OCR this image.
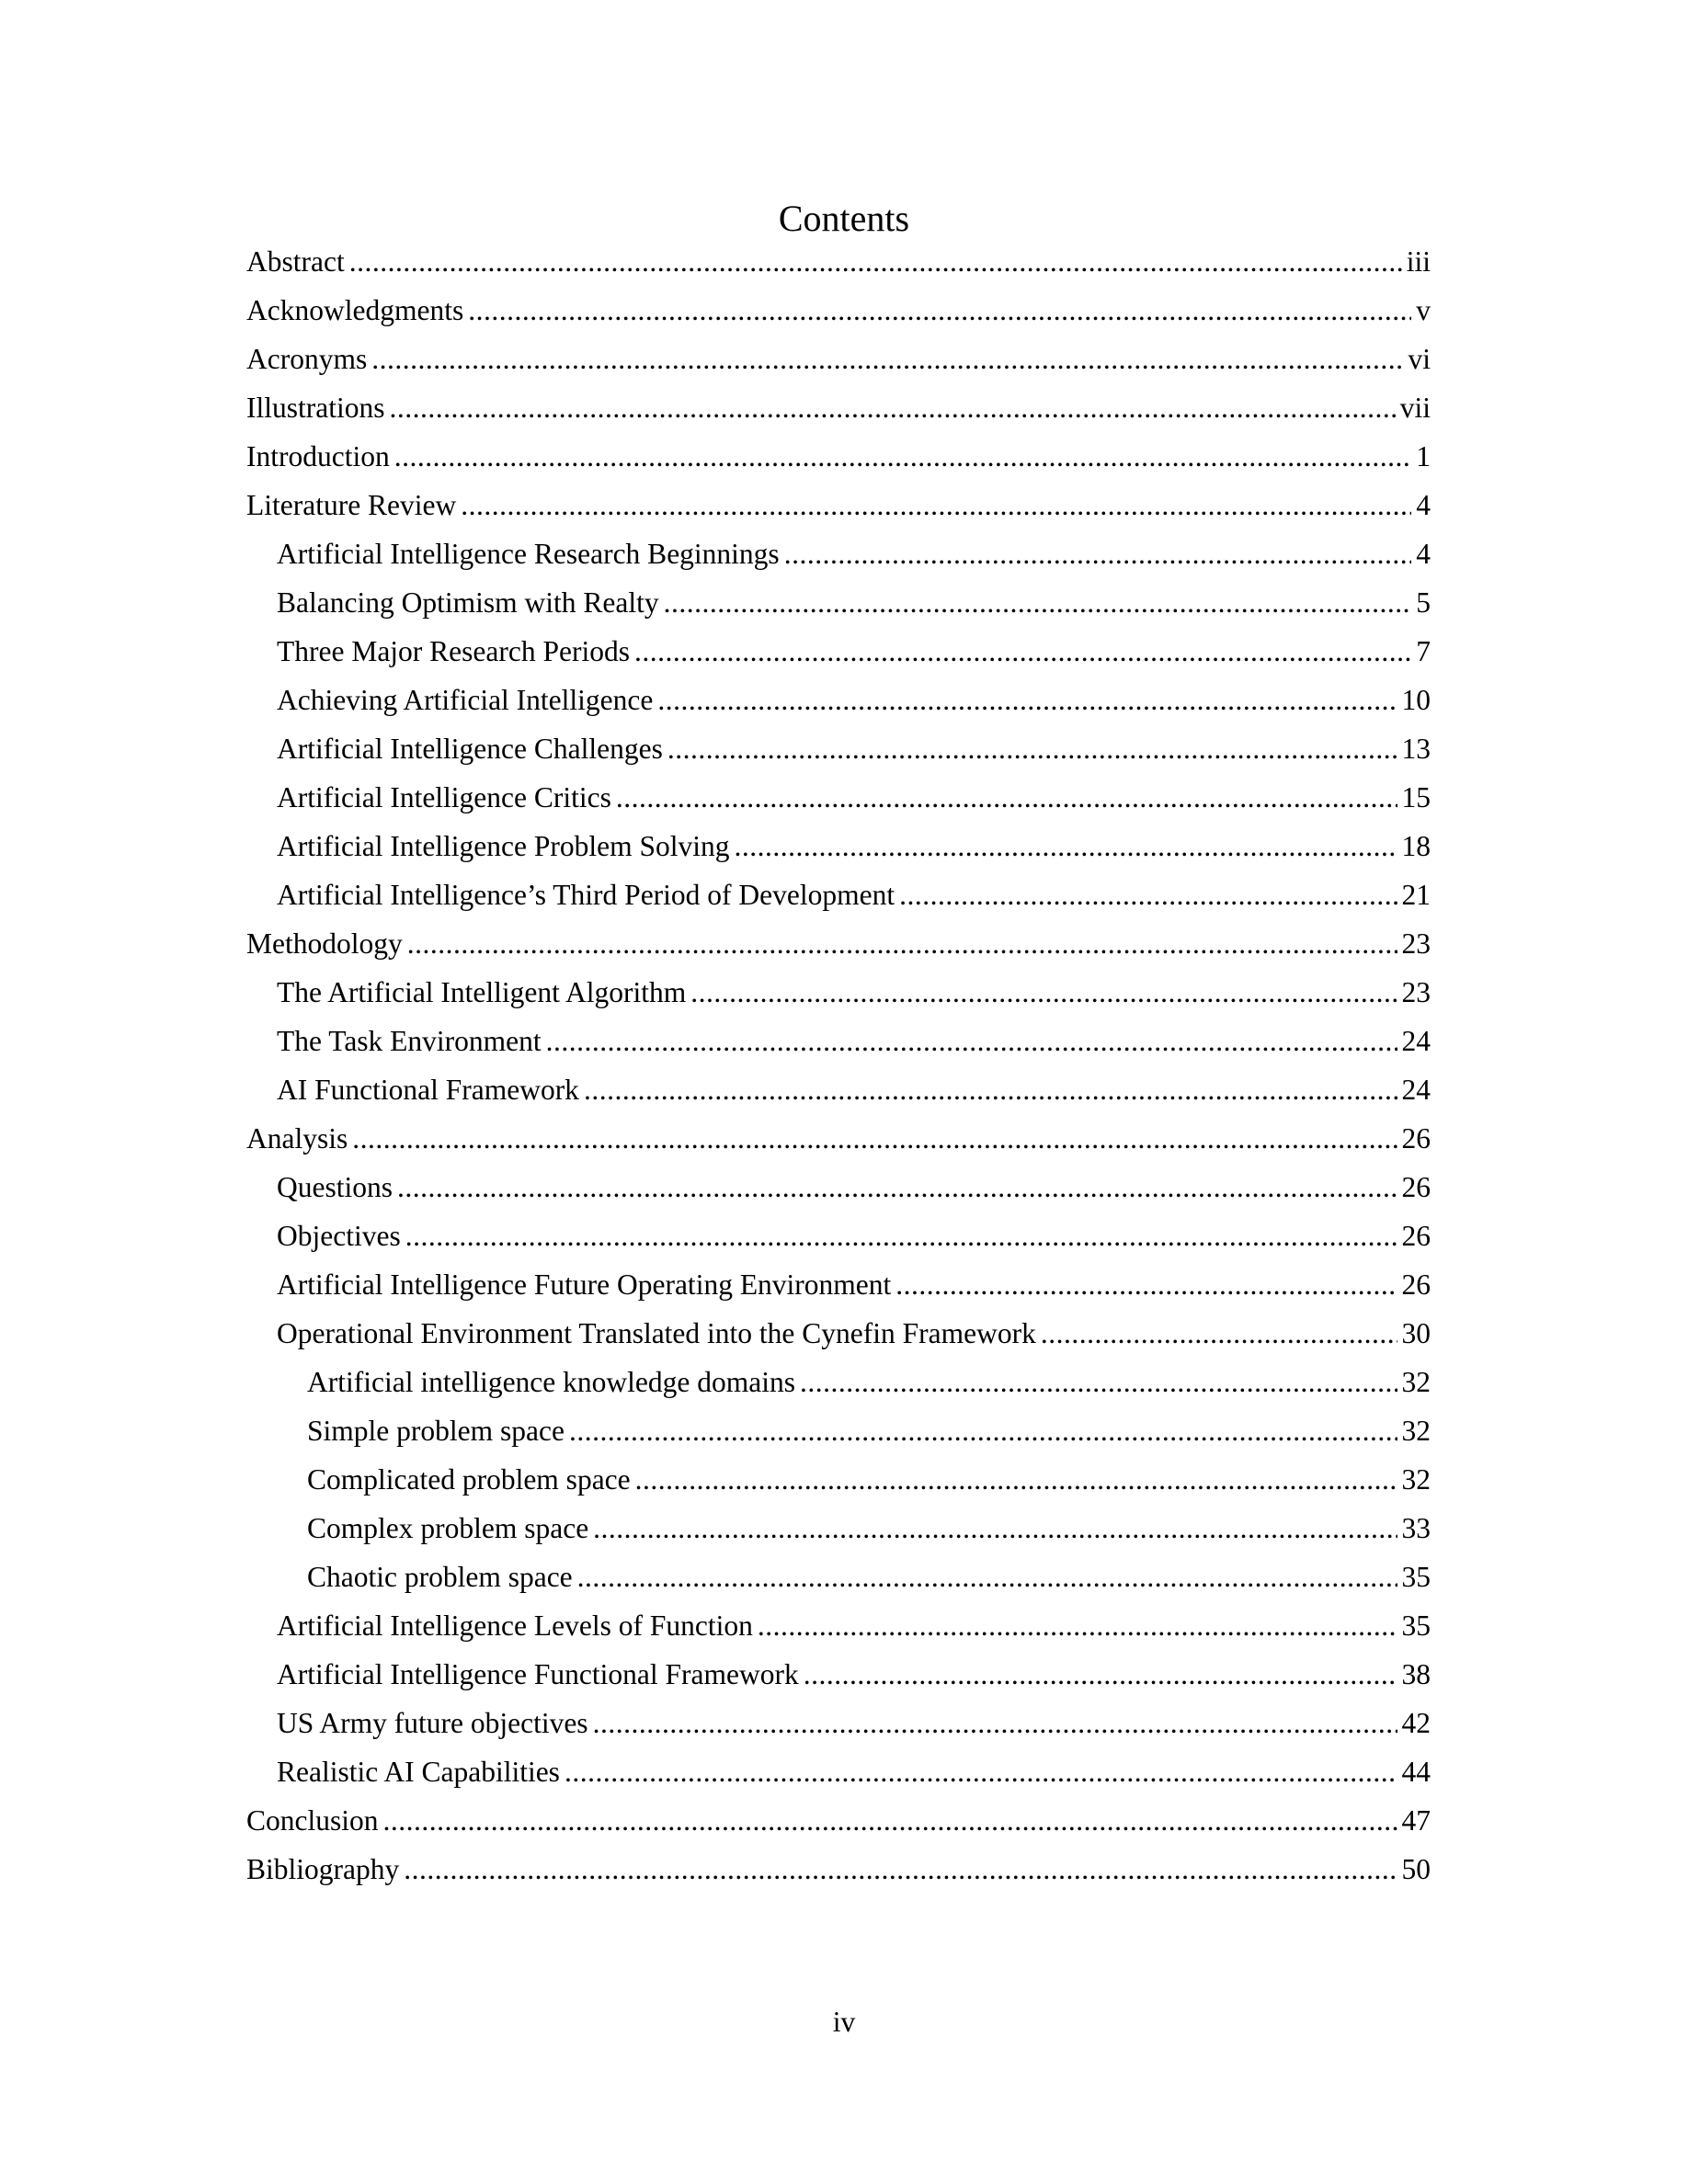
Contents
Abstract .....	iii
Acknowledgments .....	v
Acronyms .....	vi
Illustrations .....	vii
Introduction .....	1
Literature Review .....	4
Artificial Intelligence Research Beginnings .....	4
Balancing Optimism with Realty .....	5
Three Major Research Periods .....	7
Achieving Artificial Intelligence .....	10
Artificial Intelligence Challenges .....	13
Artificial Intelligence Critics .....	15
Artificial Intelligence Problem Solving .....	18
Artificial Intelligence’s Third Period of Development .....	21
Methodology .....	23
The Artificial Intelligent Algorithm .....	23
The Task Environment .....	24
AI Functional Framework .....	24
Analysis .....	26
Questions .....	26
Objectives .....	26
Artificial Intelligence Future Operating Environment .....	26
Operational Environment Translated into the Cynefin Framework .....	30
Artificial intelligence knowledge domains .....	32
Simple problem space .....	32
Complicated problem space .....	32
Complex problem space .....	33
Chaotic problem space .....	35
Artificial Intelligence Levels of Function .....	35
Artificial Intelligence Functional Framework .....	38
US Army future objectives .....	42
Realistic AI Capabilities .....	44
Conclusion .....	47
Bibliography .....	50
iv
